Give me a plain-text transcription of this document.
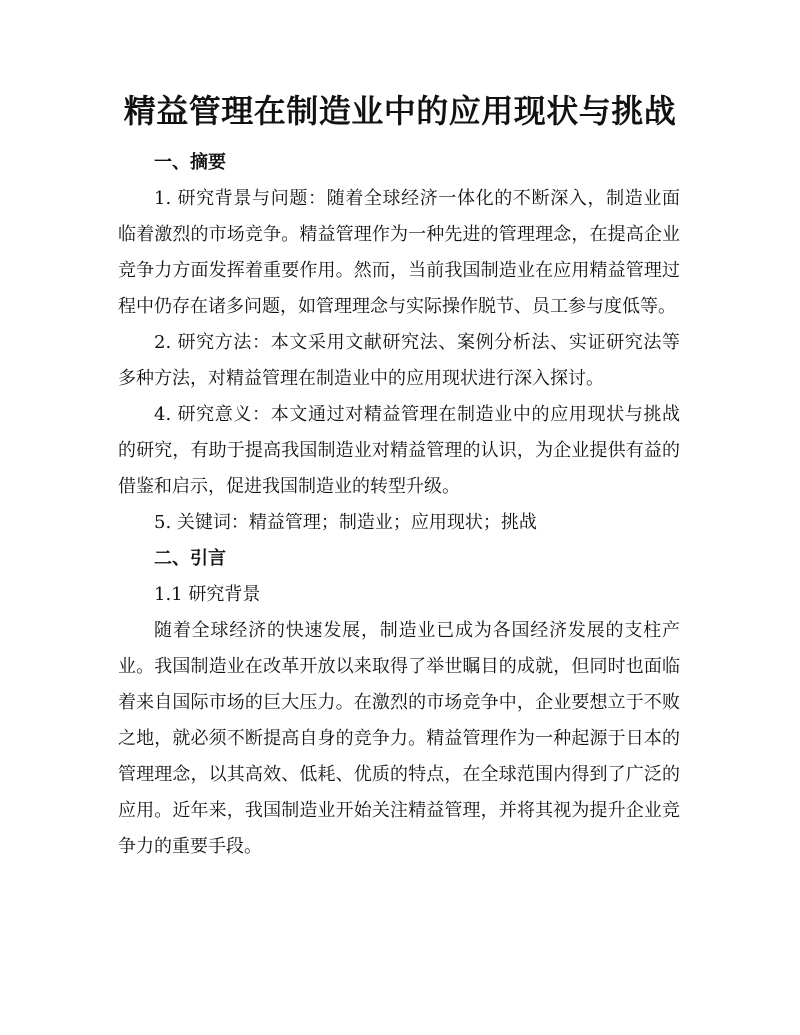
精益管理在制造业中的应用现状与挑战

一、摘要

1. 研究背景与问题：随着全球经济一体化的不断深入，制造业面临着激烈的市场竞争。精益管理作为一种先进的管理理念，在提高企业竞争力方面发挥着重要作用。然而，当前我国制造业在应用精益管理过程中仍存在诸多问题，如管理理念与实际操作脱节、员工参与度低等。

2. 研究方法：本文采用文献研究法、案例分析法、实证研究法等多种方法，对精益管理在制造业中的应用现状进行深入探讨。

4. 研究意义：本文通过对精益管理在制造业中的应用现状与挑战的研究，有助于提高我国制造业对精益管理的认识，为企业提供有益的借鉴和启示，促进我国制造业的转型升级。

5. 关键词：精益管理；制造业；应用现状；挑战

二、引言

1.1 研究背景

随着全球经济的快速发展，制造业已成为各国经济发展的支柱产业。我国制造业在改革开放以来取得了举世瞩目的成就，但同时也面临着来自国际市场的巨大压力。在激烈的市场竞争中，企业要想立于不败之地，就必须不断提高自身的竞争力。精益管理作为一种起源于日本的管理理念，以其高效、低耗、优质的特点，在全球范围内得到了广泛的应用。近年来，我国制造业开始关注精益管理，并将其视为提升企业竞争力的重要手段。
